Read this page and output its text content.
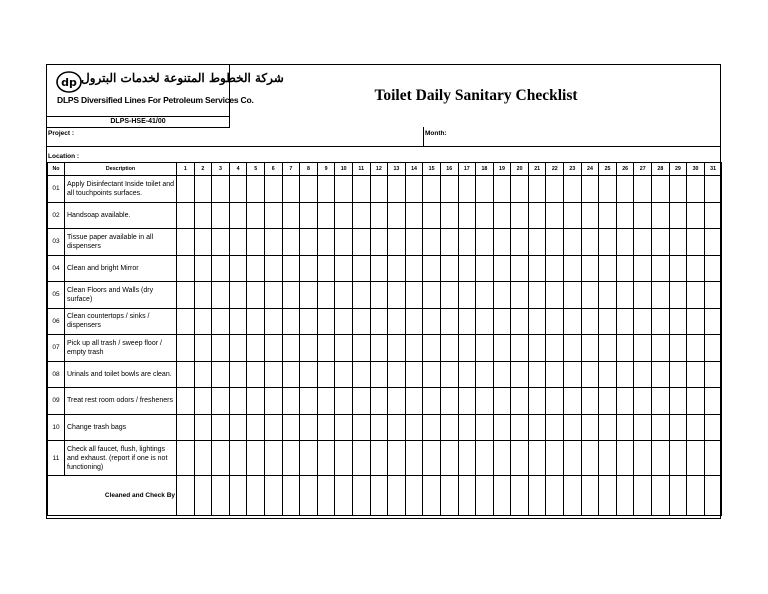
dp شركة الخطوط المتنوعة لخدمات البترول
DLPS Diversified Lines For Petroleum Services Co.
DLPS-HSE-41/00
Toilet Daily Sanitary Checklist
Project :	Month:
Location :
No	Description	1	2	3	4	5	6	7	8	9	10	11	12	13	14	15	16	17	18	19	20	21	22	23	24	25	26	27	28	29	30	31
01	Apply Disinfectant Inside toilet and all touchpoints surfaces.																															
02	Handsoap available.																															
03	Tissue paper available in all dispensers																															
04	Clean and bright Mirror																															
05	Clean Floors and Walls (dry surface)																															
06	Clean countertops / sinks / dispensers																															
07	Pick up all trash / sweep floor / empty trash																															
08	Urinals and toilet bowls are clean.																															
09	Treat rest room odors / fresheners																															
10	Change trash bags																															
11	Check all faucet, flush, lightings and exhaust. (report if one is not functioning)																															
Cleaned and Check By																																
